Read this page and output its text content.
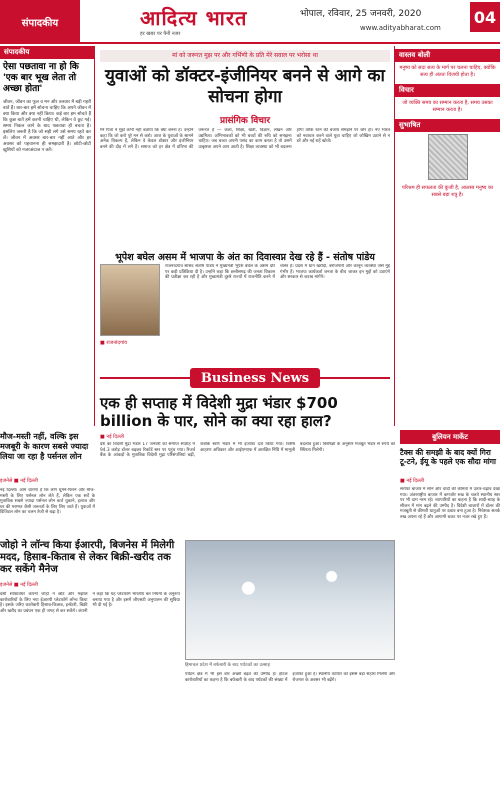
संपादकीय	आदित्य भारत
हर खबर पर पैनी नजर
भोपाल, रविवार, 25 जनवरी, 2020
www.adityabharat.com
04
संपादकीय
ऐसा पछतावा ना हो कि 'एक बार भूख लेता तो अच्छा होता'
जीवन, जीवन का फूल व मन और तलवार में बड़ी गहरी बातें हैं। बार-बार हमें सोचना चाहिए कि अपने जीवन में क्या किया और क्या नहीं किया। कई बार हम सोचते हैं कि कुछ बातें हमें करनी चाहिए थी, लेकिन वे छूट गई। समय निकल जाने के बाद पछतावा ही बचता है। इसलिए जरूरी है कि जो सही लगे उसे समय रहते कर लें। जीवन में अवसर बार-बार नहीं आते और हर अवसर को पहचानना ही समझदारी है। छोटी-छोटी खुशियों को नजरअंदाज न करें।
मां को जरूरत मुझ पर और गर्भिणी के प्रति मेरे सवाल पर भरोसा था
युवाओं को डॉक्टर-इंजीनियर बनने से आगे का सोचना होगा
प्रासंगिक विचार
मेरे पिता ने मुझे कभी नहीं बताया कि क्या बनना है। उन्होंने कहा कि जो करो पूरे मन से करो। आज के युवाओं के सामने अनेक विकल्प हैं, लेकिन वे केवल डॉक्टर और इंजीनियर बनने की दौड़ में लगे हैं। समाज को हर क्षेत्र में प्रतिभा की जरूरत है — कला, शिक्षा, खेती, विज्ञान, लेखन और उद्यमिता। अभिभावकों को भी बच्चों की रुचि को समझना चाहिए। जब बच्चा अपनी पसंद का काम करता है तो उसमें उत्कृष्टता अपने आप आती है। शिक्षा व्यवस्था को भी बदलना होगा ताकि रटने की बजाय समझने पर जोर हो। नए भारत को नवाचार करने वाले युवा चाहिए जो जोखिम उठाने से न डरें और नई राहें खोजें।
भूपेश बघेल असम में भाजपा के अंत का दिवास्वप्न देख रहे हैं - संतोष पांडेय
राजनांदगांव सांसद संतोष पांडेय ने मुख्यमंत्री भूपेश बघेल के असम दौरे पर कड़ी प्रतिक्रिया दी है। उन्होंने कहा कि छत्तीसगढ़ की जनता विकास की प्रतीक्षा कर रही है और मुख्यमंत्री दूसरे राज्यों में राजनीति करने में व्यस्त हैं। प्रदेश में धान खरीदी, बेरोजगारी और कानून व्यवस्था जैसे मुद्दे गंभीर हैं। भाजपा कार्यकर्ता जनता के बीच जाकर इन मुद्दों को उठाएंगे और सरकार से जवाब मांगेंगे।
■ राजनांदगांव
वास्तव बोली
मनुष्य को सदा सत्य के मार्ग पर चलना चाहिए, क्योंकि सत्य ही अंततः विजयी होता है।
विचार
जो व्यक्ति समय का सम्मान करता है, समय उसका सम्मान करता है।
सुभाषित
परिश्रम ही सफलता की कुंजी है, आलस्य मनुष्य का सबसे बड़ा शत्रु है।
Business News
बुलियन मार्केट
मौज-मस्ती नहीं, वल्कि इस मजबूरी के कारण सबसे ज्यादा लिया जा रहा है पर्सनल लोन
इजनेसे ■ नई दिल्ली
नई दिल्ली। आम धारणा है कि लोग घूमने-फिरने और मौज-मस्ती के लिए पर्सनल लोन लेते हैं, लेकिन एक सर्वे के मुताबिक सबसे ज्यादा पर्सनल लोन कर्ज चुकाने, इलाज और घर की मरम्मत जैसी जरूरतों के लिए लिए जाते हैं। युवाओं में डिजिटल लोन का चलन तेजी से बढ़ा है।
एक ही सप्ताह में विदेशी मुद्रा भंडार $700 billion के पार, सोने का क्या रहा हाल?
■ नई दिल्ली
देश का विदेशी मुद्रा भंडार 17 जनवरी को समाप्त सप्ताह में 94.3 करोड़ डॉलर बढ़कर रिकॉर्ड स्तर पर पहुंच गया। रिजर्व बैंक के आंकड़ों के मुताबिक विदेशी मुद्रा परिसंपत्तियां बढ़ीं, जबकि स्वर्ण भंडार में भी इजाफा दर्ज किया गया। विशेष आहरण अधिकार और आईएमएफ में आरक्षित निधि में मामूली बदलाव हुआ। विशेषज्ञों के अनुसार मजबूत भंडार से रुपये को स्थिरता मिलेगी।	टैक्स की समझी के बाद क्यों गिरा टू-टने, ईयू के पहले एक सौदा मांगा
■ नई दिल्ली
सर्राफा बाजार में सोने और चांदी की कीमतों में उतार-चढ़ाव देखा गया। अंतरराष्ट्रीय बाजार में कमजोर रुख के चलते स्थानीय स्तर पर भी दाम नरम रहे। व्यापारियों का कहना है कि शादी-ब्याह के सीजन में मांग बढ़ने की उम्मीद है। विदेशी बाजारों में डॉलर की मजबूती से कीमती धातुओं पर दबाव बना हुआ है। निवेशक सतर्क रुख अपना रहे हैं और आगामी बजट पर नजर रखे हुए हैं।
जोहो ने लॉन्च किया ईआरपी, बिजनेस में मिलेगी मदद, हिसाब-किताब से लेकर बिक्री-खरीद तक कर सकेंगे मैनेज
इजनेसे ■ नई दिल्ली
देसी सॉफ्टवेयर कंपनी जोहो ने छोटे और मझोले कारोबारियों के लिए नया ईआरपी प्लेटफॉर्म लॉन्च किया है। इसके जरिए कारोबारी हिसाब-किताब, इन्वेंटरी, बिक्री और खरीद का प्रबंधन एक ही जगह से कर सकेंगे। कंपनी ने कहा कि यह प्लेटफॉर्म भारतीय कर नियमों के अनुरूप बनाया गया है और इसमें जीएसटी अनुपालन की सुविधा भी दी गई है।
हिमाचल प्रदेश में बर्फबारी के बाद पर्यटकों का उत्साह
पर्यटन क्षेत्र में भी इस बार अच्छी बढ़त की उम्मीद है। होटल कारोबारियों का कहना है कि बर्फबारी के बाद पर्यटकों की संख्या में इजाफा हुआ है। स्थानीय व्यापार को इससे बड़ा सहारा मिलेगा और रोजगार के अवसर भी बढ़ेंगे।
